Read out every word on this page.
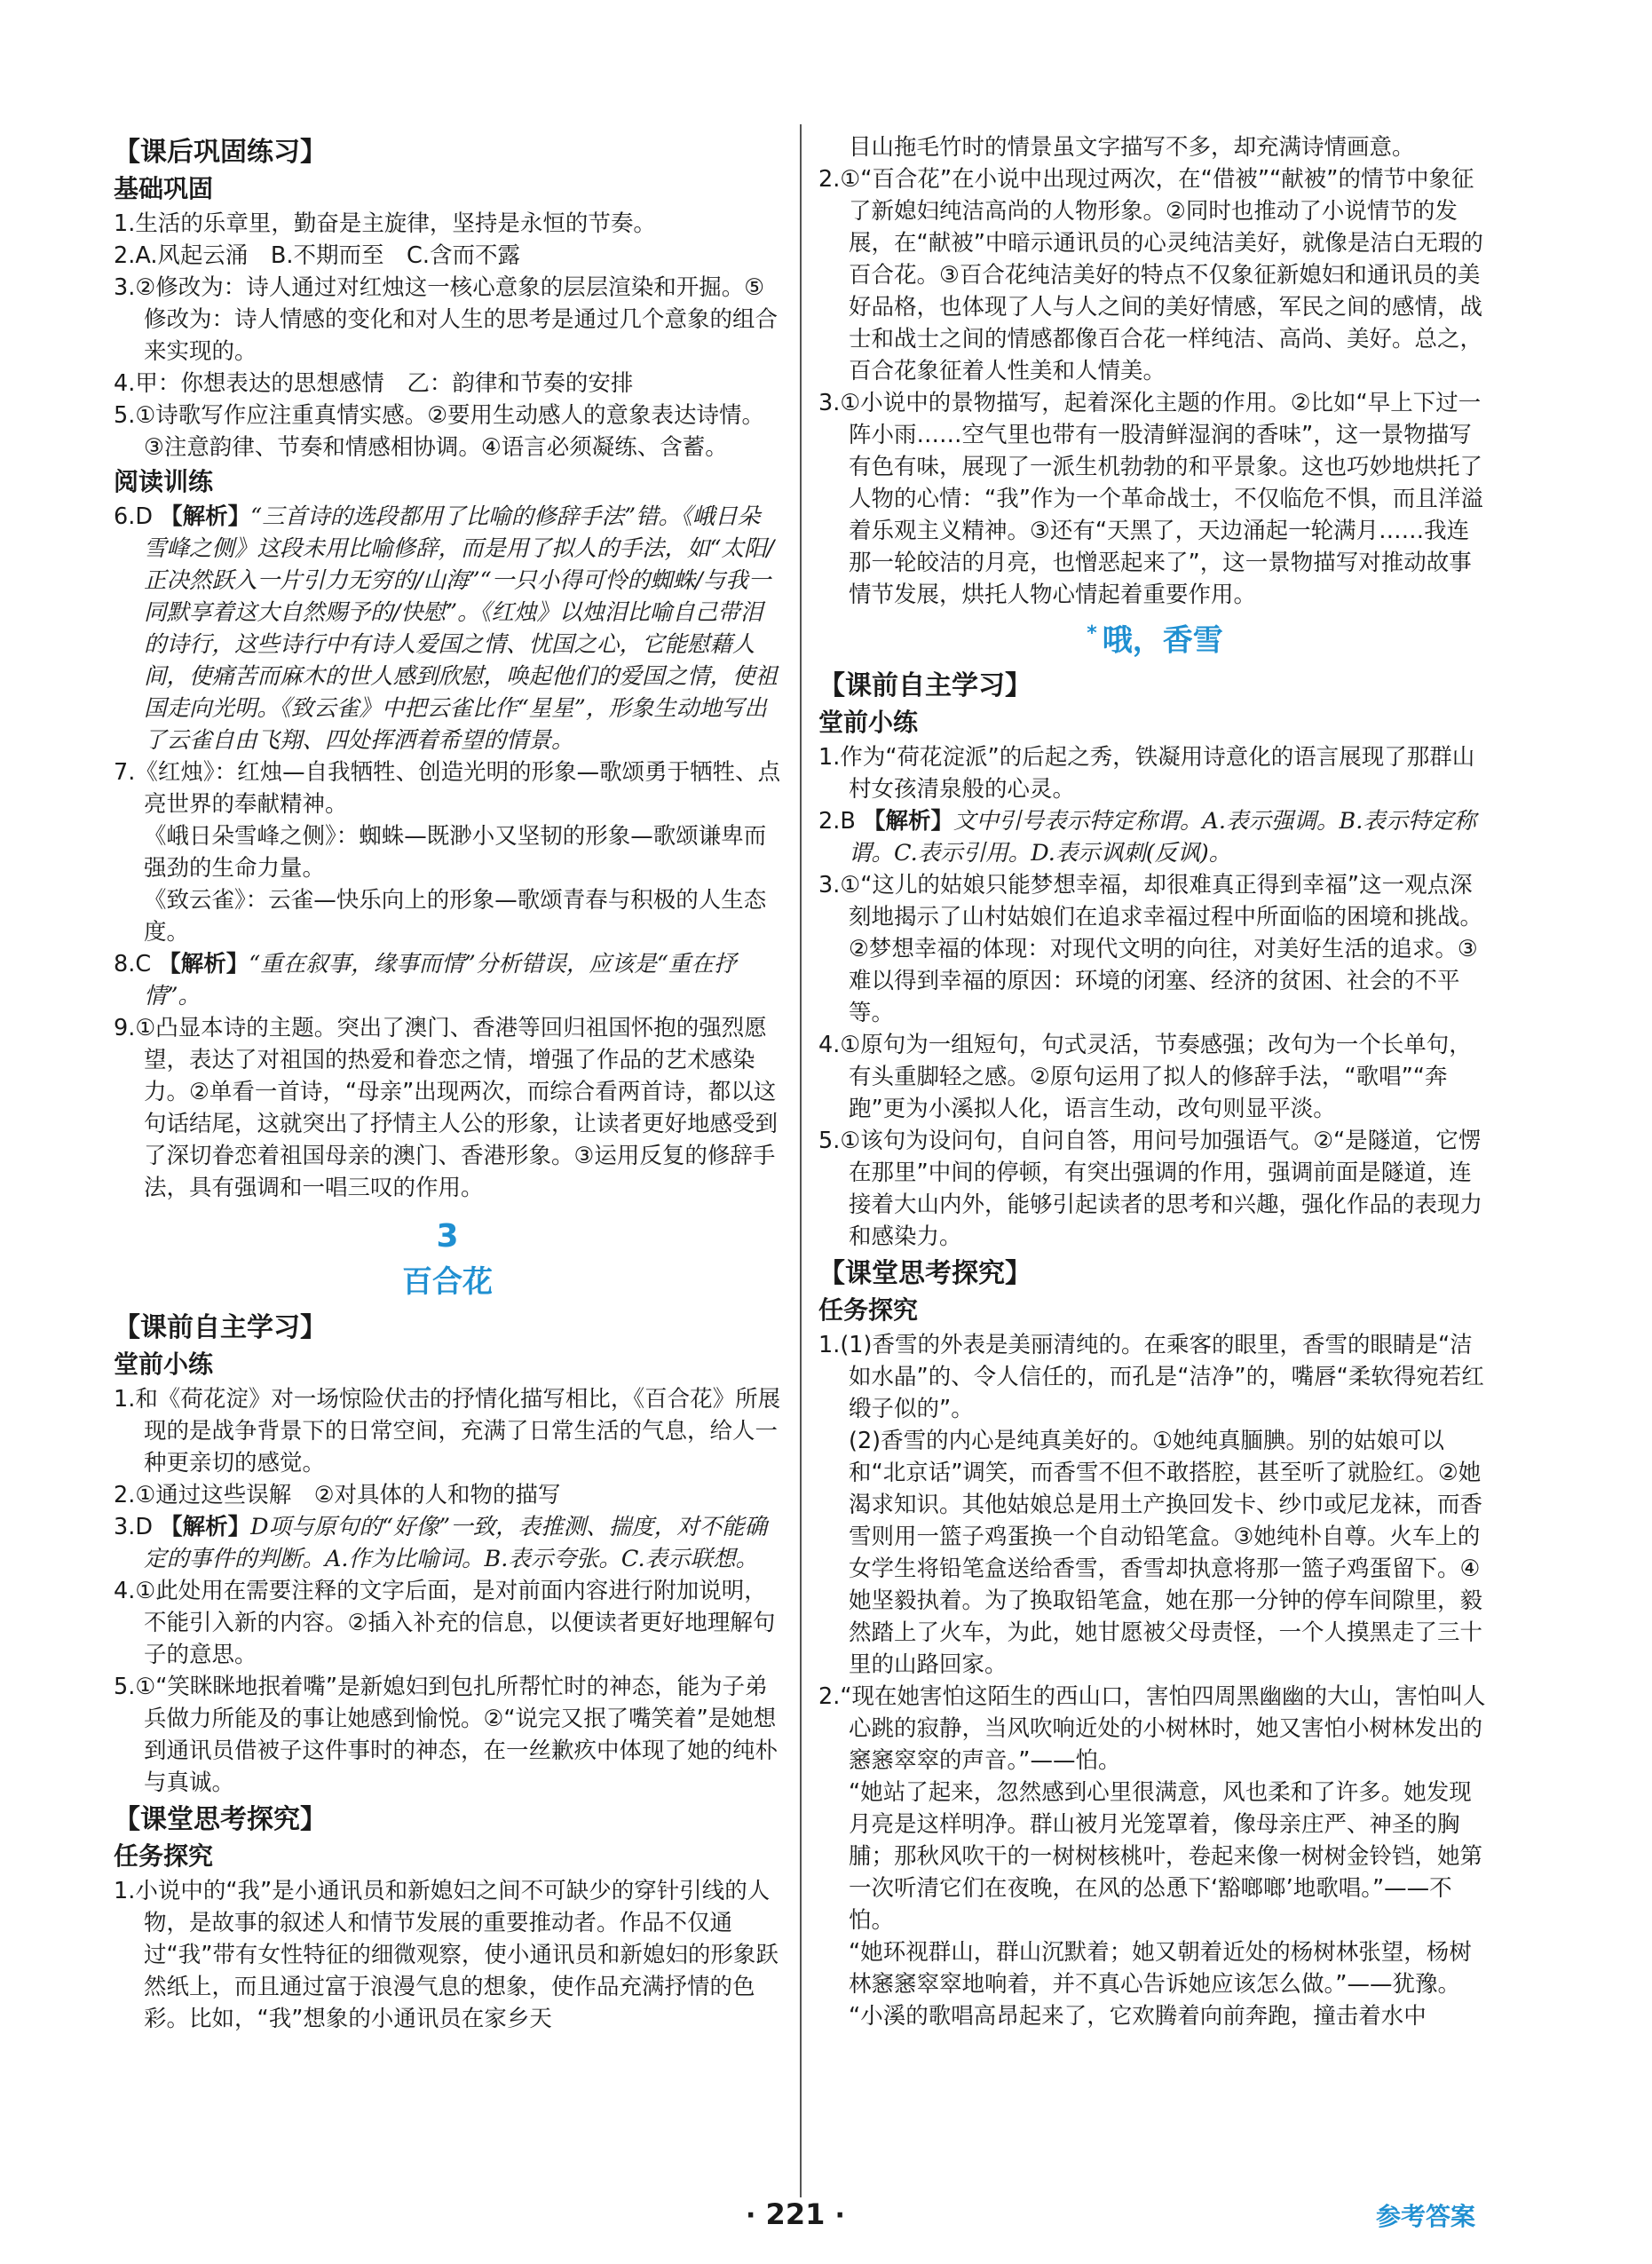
【课后巩固练习】
基础巩固
1.生活的乐章里，勤奋是主旋律，坚持是永恒的节奏。
2.A.风起云涌　B.不期而至　C.含而不露
3.②修改为：诗人通过对红烛这一核心意象的层层渲染和开掘。⑤修改为：诗人情感的变化和对人生的思考是通过几个意象的组合来实现的。
4.甲：你想表达的思想感情　乙：韵律和节奏的安排
5.①诗歌写作应注重真情实感。②要用生动感人的意象表达诗情。③注意韵律、节奏和情感相协调。④语言必须凝练、含蓄。
阅读训练
6.D 【解析】“三首诗的选段都用了比喻的修辞手法”错。《峨日朵雪峰之侧》这段未用比喻修辞，而是用了拟人的手法，如“太阳/正决然跃入一片引力无穷的/山海”“一只小得可怜的蜘蛛/与我一同默享着这大自然赐予的/快慰”。《红烛》以烛泪比喻自己带泪的诗行，这些诗行中有诗人爱国之情、忧国之心，它能慰藉人间，使痛苦而麻木的世人感到欣慰，唤起他们的爱国之情，使祖国走向光明。《致云雀》中把云雀比作“星星”，形象生动地写出了云雀自由飞翔、四处挥洒着希望的情景。
7.《红烛》：红烛—自我牺牲、创造光明的形象—歌颂勇于牺牲、点亮世界的奉献精神。
《峨日朵雪峰之侧》：蜘蛛—既渺小又坚韧的形象—歌颂谦卑而强劲的生命力量。
《致云雀》：云雀—快乐向上的形象—歌颂青春与积极的人生态度。
8.C 【解析】“重在叙事，缘事而情”分析错误，应该是“重在抒情”。
9.①凸显本诗的主题。突出了澳门、香港等回归祖国怀抱的强烈愿望，表达了对祖国的热爱和眷恋之情，增强了作品的艺术感染力。②单看一首诗，“母亲”出现两次，而综合看两首诗，都以这句话结尾，这就突出了抒情主人公的形象，让读者更好地感受到了深切眷恋着祖国母亲的澳门、香港形象。③运用反复的修辞手法，具有强调和一唱三叹的作用。
3
百合花
【课前自主学习】
堂前小练
1.和《荷花淀》对一场惊险伏击的抒情化描写相比，《百合花》所展现的是战争背景下的日常空间，充满了日常生活的气息，给人一种更亲切的感觉。
2.①通过这些误解　②对具体的人和物的描写
3.D 【解析】D项与原句的“好像”一致，表推测、揣度，对不能确定的事件的判断。A.作为比喻词。B.表示夸张。C.表示联想。
4.①此处用在需要注释的文字后面，是对前面内容进行附加说明，不能引入新的内容。②插入补充的信息，以便读者更好地理解句子的意思。
5.①“笑眯眯地抿着嘴”是新媳妇到包扎所帮忙时的神态，能为子弟兵做力所能及的事让她感到愉悦。②“说完又抿了嘴笑着”是她想到通讯员借被子这件事时的神态，在一丝歉疚中体现了她的纯朴与真诚。
【课堂思考探究】
任务探究
1.小说中的“我”是小通讯员和新媳妇之间不可缺少的穿针引线的人物，是故事的叙述人和情节发展的重要推动者。作品不仅通过“我”带有女性特征的细微观察，使小通讯员和新媳妇的形象跃然纸上，而且通过富于浪漫气息的想象，使作品充满抒情的色彩。比如，“我”想象的小通讯员在家乡天
目山拖毛竹时的情景虽文字描写不多，却充满诗情画意。
2.①“百合花”在小说中出现过两次，在“借被”“献被”的情节中象征了新媳妇纯洁高尚的人物形象。②同时也推动了小说情节的发展，在“献被”中暗示通讯员的心灵纯洁美好，就像是洁白无瑕的百合花。③百合花纯洁美好的特点不仅象征新媳妇和通讯员的美好品格，也体现了人与人之间的美好情感，军民之间的感情，战士和战士之间的情感都像百合花一样纯洁、高尚、美好。总之，百合花象征着人性美和人情美。
3.①小说中的景物描写，起着深化主题的作用。②比如“早上下过一阵小雨……空气里也带有一股清鲜湿润的香味”，这一景物描写有色有味，展现了一派生机勃勃的和平景象。这也巧妙地烘托了人物的心情：“我”作为一个革命战士，不仅临危不惧，而且洋溢着乐观主义精神。③还有“天黑了，天边涌起一轮满月……我连那一轮皎洁的月亮，也憎恶起来了”，这一景物描写对推动故事情节发展，烘托人物心情起着重要作用。
* 哦，香雪
【课前自主学习】
堂前小练
1.作为“荷花淀派”的后起之秀，铁凝用诗意化的语言展现了那群山村女孩清泉般的心灵。
2.B 【解析】文中引号表示特定称谓。A.表示强调。B.表示特定称谓。C.表示引用。D.表示讽刺(反讽)。
3.①“这儿的姑娘只能梦想幸福，却很难真正得到幸福”这一观点深刻地揭示了山村姑娘们在追求幸福过程中所面临的困境和挑战。②梦想幸福的体现：对现代文明的向往，对美好生活的追求。③难以得到幸福的原因：环境的闭塞、经济的贫困、社会的不平等。
4.①原句为一组短句，句式灵活，节奏感强；改句为一个长单句，有头重脚轻之感。②原句运用了拟人的修辞手法，“歌唱”“奔跑”更为小溪拟人化，语言生动，改句则显平淡。
5.①该句为设问句，自问自答，用问号加强语气。②“是隧道，它愣在那里”中间的停顿，有突出强调的作用，强调前面是隧道，连接着大山内外，能够引起读者的思考和兴趣，强化作品的表现力和感染力。
【课堂思考探究】
任务探究
1.(1)香雪的外表是美丽清纯的。在乘客的眼里，香雪的眼睛是“洁如水晶”的、令人信任的，而孔是“洁净”的，嘴唇“柔软得宛若红缎子似的”。
(2)香雪的内心是纯真美好的。①她纯真腼腆。别的姑娘可以和“北京话”调笑，而香雪不但不敢搭腔，甚至听了就脸红。②她渴求知识。其他姑娘总是用土产换回发卡、纱巾或尼龙袜，而香雪则用一篮子鸡蛋换一个自动铅笔盒。③她纯朴自尊。火车上的女学生将铅笔盒送给香雪，香雪却执意将那一篮子鸡蛋留下。④她坚毅执着。为了换取铅笔盒，她在那一分钟的停车间隙里，毅然踏上了火车，为此，她甘愿被父母责怪，一个人摸黑走了三十里的山路回家。
2.“现在她害怕这陌生的西山口，害怕四周黑幽幽的大山，害怕叫人心跳的寂静，当风吹响近处的小树林时，她又害怕小树林发出的窸窸窣窣的声音。”——怕。
“她站了起来，忽然感到心里很满意，风也柔和了许多。她发现月亮是这样明净。群山被月光笼罩着，像母亲庄严、神圣的胸脯；那秋风吹干的一树树核桃叶，卷起来像一树树金铃铛，她第一次听清它们在夜晚，在风的怂恿下‘豁啷啷’地歌唱。”——不怕。
“她环视群山，群山沉默着；她又朝着近处的杨树林张望，杨树林窸窸窣窣地响着，并不真心告诉她应该怎么做。”——犹豫。
“小溪的歌唱高昂起来了，它欢腾着向前奔跑，撞击着水中
· 221 ·	参考答案
